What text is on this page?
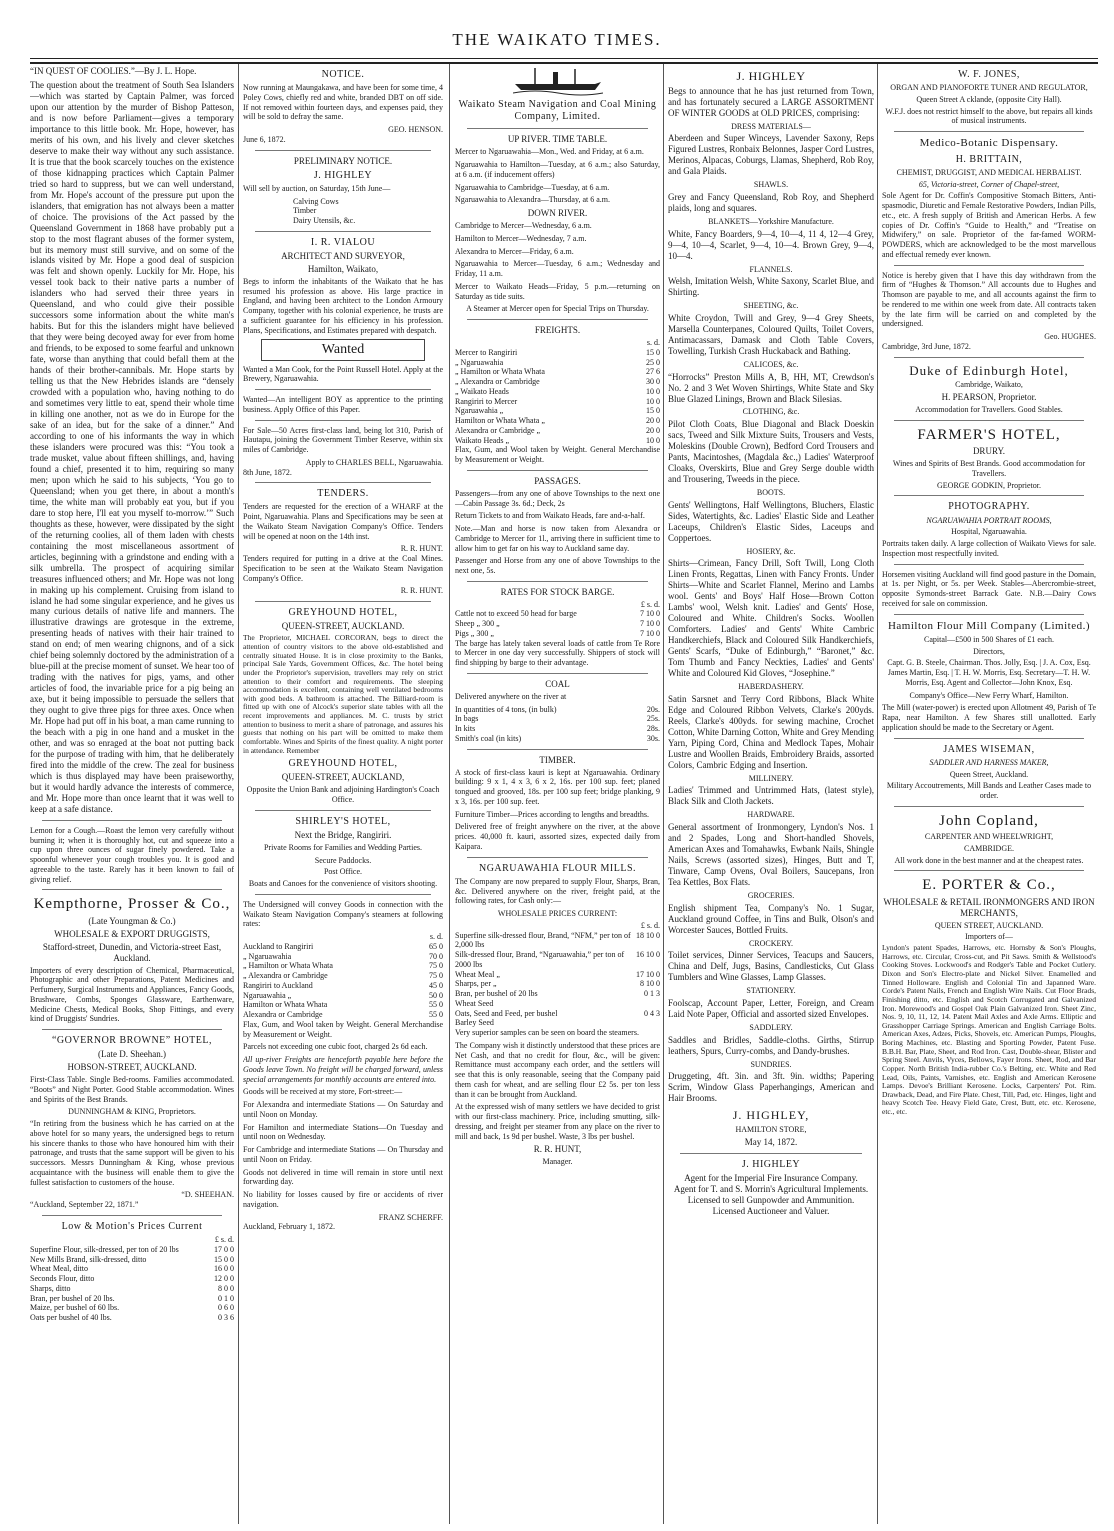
THE WAIKATO TIMES.

“IN QUEST OF COOLIES.”—By J. L. Hope.

The question about the treatment of South Sea Islanders—which was started by Captain Palmer, was forced upon our attention by the murder of Bishop Patteson, and is now before Parliament—gives a temporary importance to this little book. Mr. Hope, however, has merits of his own, and his lively and clever sketches deserve to make their way without any such assistance. It is true that the book scarcely touches on the existence of those kidnapping practices which Captain Palmer tried so hard to suppress, but we can well understand, from Mr. Hope's account of the pressure put upon the islanders, that emigration has not always been a matter of choice. The provisions of the Act passed by the Queensland Government in 1868 have probably put a stop to the most flagrant abuses of the former system, but its memory must still survive, and on some of the islands visited by Mr. Hope a good deal of suspicion was felt and shown openly. Luckily for Mr. Hope, his vessel took back to their native parts a number of islanders who had served their three years in Queensland, and who could give their possible successors some information about the white man's habits. But for this the islanders might have believed that they were being decoyed away for ever from home and friends, to be exposed to some fearful and unknown fate, worse than anything that could befall them at the hands of their brother-cannibals. Mr. Hope starts by telling us that the New Hebrides islands are “densely crowded with a population who, having nothing to do and sometimes very little to eat, spend their whole time in killing one another, not as we do in Europe for the sake of an idea, but for the sake of a dinner.” And according to one of his informants the way in which these islanders were procured was this: “You took a trade musket, value about fifteen shillings, and, having found a chief, presented it to him, requiring so many men; upon which he said to his subjects, ‘You go to Queensland; when you get there, in about a month's time, the white man will probably eat you, but if you dare to stop here, I'll eat you myself to-morrow.’” Such thoughts as these, however, were dissipated by the sight of the returning coolies, all of them laden with chests containing the most miscellaneous assortment of articles, beginning with a grindstone and ending with a silk umbrella. The prospect of acquiring similar treasures influenced others; and Mr. Hope was not long in making up his complement. Cruising from island to island he had some singular experience, and he gives us many curious details of native life and manners. The illustrative drawings are grotesque in the extreme, presenting heads of natives with their hair trained to stand on end; of men wearing chignons, and of a sick chief being solemnly doctored by the administration of a blue-pill at the precise moment of sunset. We hear too of trading with the natives for pigs, yams, and other articles of food, the invariable price for a pig being an axe, but it being impossible to persuade the sellers that they ought to give three pigs for three axes. Once when Mr. Hope had put off in his boat, a man came running to the beach with a pig in one hand and a musket in the other, and was so enraged at the boat not putting back for the purpose of trading with him, that he deliberately fired into the middle of the crew. The zeal for business which is thus displayed may have been praiseworthy, but it would hardly advance the interests of commerce, and Mr. Hope more than once learnt that it was well to keep at a safe distance.

Lemon for a Cough.—Roast the lemon very carefully without burning it; when it is thoroughly hot, cut and squeeze into a cup upon three ounces of sugar finely powdered. Take a spoonful whenever your cough troubles you. It is good and agreeable to the taste. Rarely has it been known to fail of giving relief.

Kempthorne, Prosser & Co.,
(Late Youngman & Co.)
WHOLESALE & EXPORT DRUGGISTS,
Stafford-street, Dunedin, and Victoria-street East, Auckland.

Importers of every description of Chemical, Pharmaceutical, Photographic and other Preparations, Patent Medicines and Perfumery, Surgical Instruments and Appliances, Fancy Goods, Brushware, Combs, Sponges Glassware, Earthenware, Medicine Chests, Medical Books, Shop Fittings, and every kind of Druggists' Sundries.

“GOVERNOR BROWNE” HOTEL,
(Late D. Sheehan.)
HOBSON-STREET, AUCKLAND.

First-Class Table. Single Bed-rooms. Families accommodated. “Boots” and Night Porter. Good Stable accommodation. Wines and Spirits of the Best Brands.

DUNNINGHAM & KING, Proprietors.

“In retiring from the business which he has carried on at the above hotel for so many years, the undersigned begs to return his sincere thanks to those who have honoured him with their patronage, and trusts that the same support will be given to his successors. Messrs Dunningham & King, whose previous acquaintance with the business will enable them to give the fullest satisfaction to customers of the house.

“D. SHEEHAN.
“Auckland, September 22, 1871.”
Low & Motion's Prices Current
£ s. d.
Superfine Flour, silk-dressed, per ton of 20 lbs	17 0 0
New Mills Brand, silk-dressed, ditto	15 0 0
Wheat Meal, ditto	16 0 0
Seconds Flour, ditto	12 0 0
Sharps, ditto	8 0 0
Bran, per bushel of 20 lbs.	0 1 0
Maize, per bushel of 60 lbs.	0 6 0
Oats per bushel of 40 lbs.	0 3 6
NOTICE.

Now running at Maungakawa, and have been for some time, 4 Poley Cows, chiefly red and white, branded DBT on off side. If not removed within fourteen days, and expenses paid, they will be sold to defray the same.

GEO. HENSON.
June 6, 1872.
PRELIMINARY NOTICE.
J. HIGHLEY

Will sell by auction, on Saturday, 15th June—

Calving Cows
Timber
Dairy Utensils, &c.
I. R. VIALOU
ARCHITECT AND SURVEYOR,
Hamilton, Waikato,

Begs to inform the inhabitants of the Waikato that he has resumed his profession as above. His large practice in England, and having been architect to the London Armoury Company, together with his colonial experience, he trusts are a sufficient guarantee for his efficiency in his profession. Plans, Specifications, and Estimates prepared with despatch.

Wanted

Wanted a Man Cook, for the Point Russell Hotel. Apply at the Brewery, Ngaruawahia.

Wanted—An intelligent BOY as apprentice to the printing business. Apply Office of this Paper.

For Sale—50 Acres first-class land, being lot 310, Parish of Hautapu, joining the Government Timber Reserve, within six miles of Cambridge.

Apply to CHARLES BELL, Ngaruawahia.
8th June, 1872.
TENDERS.

Tenders are requested for the erection of a WHARF at the Point, Ngaruawahia. Plans and Specifications may be seen at the Waikato Steam Navigation Company's Office. Tenders will be opened at noon on the 14th inst.

R. R. HUNT.

Tenders required for putting in a drive at the Coal Mines. Specification to be seen at the Waikato Steam Navigation Company's Office.

R. R. HUNT.
GREYHOUND HOTEL,
QUEEN-STREET, AUCKLAND.

The Proprietor, MICHAEL CORCORAN, begs to direct the attention of country visitors to the above old-established and centrally situated House. It is in close proximity to the Banks, principal Sale Yards, Government Offices, &c. The hotel being under the Proprietor's supervision, travellers may rely on strict attention to their comfort and requirements. The sleeping accommodation is excellent, containing well ventilated bedrooms with good beds. A bathroom is attached. The Billiard-room is fitted up with one of Alcock's superior slate tables with all the recent improvements and appliances. M. C. trusts by strict attention to business to merit a share of patronage, and assures his guests that nothing on his part will be omitted to make them comfortable. Wines and Spirits of the finest quality. A night porter in attendance. Remember

GREYHOUND HOTEL,
QUEEN-STREET, AUCKLAND,

Opposite the Union Bank and adjoining Hardington's Coach Office.

SHIRLEY'S HOTEL,
Next the Bridge, Rangiriri.

Private Rooms for Families and Wedding Parties.

Secure Paddocks.
Post Office.

Boats and Canoes for the convenience of visitors shooting.

The Undersigned will convey Goods in connection with the Waikato Steam Navigation Company's steamers at following rates:

s. d.
Auckland to Rangiriri	65 0
„ Ngaruawahia	70 0
„ Hamilton or Whata Whata	75 0
„ Alexandra or Cambridge	75 0
Rangiriri to Auckland	45 0
Ngaruawahia „	50 0
Hamilton or Whata Whata	55 0
Alexandra or Cambridge	55 0

Flax, Gum, and Wool taken by Weight. General Merchandise by Measurement or Weight.

Parcels not exceeding one cubic foot, charged 2s 6d each.

All up-river Freights are henceforth payable here before the Goods leave Town. No freight will be charged forward, unless special arrangements for monthly accounts are entered into.

Goods will be received at my store, Fort-street:—

For Alexandra and intermediate Stations — On Saturday and until Noon on Monday.

For Hamilton and intermediate Stations—On Tuesday and until noon on Wednesday.

For Cambridge and intermediate Stations — On Thursday and until Noon on Friday.

Goods not delivered in time will remain in store until next forwarding day.

No liability for losses caused by fire or accidents of river navigation.

FRANZ SCHERFF.
Auckland, February 1, 1872.
Waikato Steam Navigation and Coal Mining Company, Limited.
UP RIVER. TIME TABLE.

Mercer to Ngaruawahia—Mon., Wed. and Friday, at 6 a.m.

Ngaruawahia to Hamilton—Tuesday, at 6 a.m.; also Saturday, at 6 a.m. (if inducement offers)

Ngaruawahia to Cambridge—Tuesday, at 6 a.m.

Ngaruawahia to Alexandra—Thursday, at 6 a.m.

DOWN RIVER.

Cambridge to Mercer—Wednesday, 6 a.m.

Hamilton to Mercer—Wednesday, 7 a.m.

Alexandra to Mercer—Friday, 6 a.m.

Ngaruawahia to Mercer—Tuesday, 6 a.m.; Wednesday and Friday, 11 a.m.

Mercer to Waikato Heads—Friday, 5 p.m.—returning on Saturday as tide suits.

A Steamer at Mercer open for Special Trips on Thursday.

FREIGHTS.
s. d.
Mercer to Rangiriri	15 0
„ Ngaruawahia	25 0
„ Hamilton or Whata Whata	27 6
„ Alexandra or Cambridge	30 0
„ Waikato Heads	10 0
Rangiriri to Mercer	10 0
Ngaruawahia „	15 0
Hamilton or Whata Whata „	20 0
Alexandra or Cambridge „	20 0
Waikato Heads „	10 0

Flax, Gum, and Wool taken by Weight. General Merchandise by Measurement or Weight.

PASSAGES.

Passengers—from any one of above Townships to the next one—Cabin Passage 3s. 6d.; Deck, 2s

Return Tickets to and from Waikato Heads, fare and-a-half.

Note.—Man and horse is now taken from Alexandra or Cambridge to Mercer for 1l., arriving there in sufficient time to allow him to get far on his way to Auckland same day.

Passenger and Horse from any one of above Townships to the next one, 5s.

RATES FOR STOCK BARGE.
£ s. d.
Cattle not to exceed 50 head for barge	7 10 0
Sheep „ 300 „	7 10 0
Pigs „ 300 „	7 10 0

The barge has lately taken several loads of cattle from Te Rore to Mercer in one day very successfully. Shippers of stock will find shipping by barge to their advantage.

COAL

Delivered anywhere on the river at

In quantities of 4 tons, (in bulk)	20s.
In bags	25s.
In kits	28s.
Smith's coal (in kits)	30s.
TIMBER.

A stock of first-class kauri is kept at Ngaruawahia. Ordinary building: 9 x 1, 4 x 3, 6 x 2, 16s. per 100 sup. feet; planed tongued and grooved, 18s. per 100 sup feet; bridge planking, 9 x 3, 16s. per 100 sup. feet.

Furniture Timber—Prices according to lengths and breadths.

Delivered free of freight anywhere on the river, at the above prices. 40,000 ft. kauri, assorted sizes, expected daily from Kaipara.

NGARUAWAHIA FLOUR MILLS.

The Company are now prepared to supply Flour, Sharps, Bran, &c. Delivered anywhere on the river, freight paid, at the following rates, for Cash only:—

WHOLESALE PRICES CURRENT:
£ s. d.
Superfine silk-dressed flour, Brand, “NFM,” per ton of 2,000 lbs
18 10 0
Silk-dressed flour, Brand, “Ngaruawahia,” per ton of 2000 lbs
16 10 0
Wheat Meal „	17 10 0
Sharps, per „	8 10 0
Bran, per bushel of 20 lbs	0 1 3
Wheat Seed
Oats, Seed and Feed, per bushel	0 4 3
Barley Seed

Very superior samples can be seen on board the steamers.

The Company wish it distinctly understood that these prices are Net Cash, and that no credit for flour, &c., will be given: Remittance must accompany each order, and the settlers will see that this is only reasonable, seeing that the Company paid them cash for wheat, and are selling flour £2 5s. per ton less than it can be brought from Auckland.

At the expressed wish of many settlers we have decided to grist with our first-class machinery. Price, including smutting, silk-dressing, and freight per steamer from any place on the river to mill and back, 1s 9d per bushel. Waste, 3 lbs per bushel.

R. R. HUNT,
Manager.
J. HIGHLEY

Begs to announce that he has just returned from Town, and has fortunately secured a LARGE ASSORTMENT OF WINTER GOODS at OLD PRICES, comprising:

DRESS MATERIALS—

Aberdeen and Super Winceys, Lavender Saxony, Reps Figured Lustres, Ronbaix Belonnes, Jasper Cord Lustres, Merinos, Alpacas, Coburgs, Llamas, Shepherd, Rob Roy, and Gala Plaids.

SHAWLS.

Grey and Fancy Queensland, Rob Roy, and Shepherd plaids, long and squares.

BLANKETS—Yorkshire Manufacture.

White, Fancy Boarders, 9—4, 10—4, 11 4, 12—4 Grey, 9—4, 10—4, Scarlet, 9—4, 10—4. Brown Grey, 9—4, 10—4.

FLANNELS.

Welsh, Imitation Welsh, White Saxony, Scarlet Blue, and Shirting.

SHEETING, &c.

White Croydon, Twill and Grey, 9—4 Grey Sheets, Marsella Counterpanes, Coloured Quilts, Toilet Covers, Antimacassars, Damask and Cloth Table Covers, Towelling, Turkish Crash Huckaback and Bathing.

CALICOES, &c.

“Horrocks” Preston Mills A, B, HH, MT, Crewdson's No. 2 and 3 Wet Woven Shirtings, White State and Sky Blue Glazed Linings, Brown and Black Silesias.

CLOTHING, &c.

Pilot Cloth Coats, Blue Diagonal and Black Doeskin sacs, Tweed and Silk Mixture Suits, Trousers and Vests, Moleskins (Double Crown), Bedford Cord Trousers and Pants, Macintoshes, (Magdala &c.,) Ladies' Waterproof Cloaks, Overskirts, Blue and Grey Serge double width and Trousering, Tweeds in the piece.

BOOTS.

Gents' Wellingtons, Half Wellingtons, Bluchers, Elastic Sides, Watertights, &c. Ladies' Elastic Side and Leather Laceups, Children's Elastic Sides, Laceups and Coppertoes.

HOSIERY, &c.

Shirts—Crimean, Fancy Drill, Soft Twill, Long Cloth Linen Fronts, Regattas, Linen with Fancy Fronts. Under Shirts—White and Scarlet Flannel, Merino and Lambs wool. Gents' and Boys' Half Hose—Brown Cotton Lambs' wool, Welsh knit. Ladies' and Gents' Hose, Coloured and White. Children's Socks. Woollen Comforters. Ladies' and Gents' White Cambric Handkerchiefs, Black and Coloured Silk Handkerchiefs, Gents' Scarfs, “Duke of Edinburgh,” “Baronet,” &c. Tom Thumb and Fancy Neckties, Ladies' and Gents' White and Coloured Kid Gloves, “Josephine.”

HABERDASHERY.

Satin Sarsnet and Terry Cord Ribbons, Black White Edge and Coloured Ribbon Velvets, Clarke's 200yds. Reels, Clarke's 400yds. for sewing machine, Crochet Cotton, White Darning Cotton, White and Grey Mending Yarn, Piping Cord, China and Medlock Tapes, Mohair Lustre and Woollen Braids, Embroidery Braids, assorted Colors, Cambric Edging and Insertion.

MILLINERY.

Ladies' Trimmed and Untrimmed Hats, (latest style), Black Silk and Cloth Jackets.

HARDWARE.

General assortment of Ironmongery, Lyndon's Nos. 1 and 2 Spades, Long and Short-handled Shovels, American Axes and Tomahawks, Ewbank Nails, Shingle Nails, Screws (assorted sizes), Hinges, Butt and T, Tinware, Camp Ovens, Oval Boilers, Saucepans, Iron Tea Kettles, Box Flats.

GROCERIES.

English shipment Tea, Company's No. 1 Sugar, Auckland ground Coffee, in Tins and Bulk, Olson's and Worcester Sauces, Bottled Fruits.

CROCKERY.

Toilet services, Dinner Services, Teacups and Saucers, China and Delf, Jugs, Basins, Candlesticks, Cut Glass Tumblers and Wine Glasses, Lamp Glasses.

STATIONERY.

Foolscap, Account Paper, Letter, Foreign, and Cream Laid Note Paper, Official and assorted sized Envelopes.

SADDLERY.

Saddles and Bridles, Saddle-cloths. Girths, Stirrup leathers, Spurs, Curry-combs, and Dandy-brushes.

SUNDRIES.

Druggeting, 4ft. 3in. and 3ft. 9in. widths; Papering Scrim, Window Glass Paperhangings, American and Hair Brooms.

J. HIGHLEY,
HAMILTON STORE,
May 14, 1872.
J. HIGHLEY
Agent for the Imperial Fire Insurance Company.
Agent for T. and S. Morrin's Agricultural Implements.
Licensed to sell Gunpowder and Ammunition.
Licensed Auctioneer and Valuer.
W. F. JONES,
ORGAN AND PIANOFORTE TUNER AND REGULATOR,
Queen Street A cklande, (opposite City Hall).

W.F.J. does not restrict himself to the above, but repairs all kinds of musical instruments.

Medico-Botanic Dispensary.
H. BRITTAIN,
CHEMIST, DRUGGIST, AND MEDICAL HERBALIST.
65, Victoria-street, Corner of Chapel-street,

Sole Agent for Dr. Coffin's Compositive Stomach Bitters, Anti-spasmodic, Diuretic and Female Restorative Powders, Indian Pills, etc., etc. A fresh supply of British and American Herbs. A few copies of Dr. Coffin's “Guide to Health,” and “Treatise on Midwifery,” on sale. Proprietor of the far-famed WORM-POWDERS, which are acknowledged to be the most marvellous and effectual remedy ever known.

Notice is hereby given that I have this day withdrawn from the firm of “Hughes & Thomson.” All accounts due to Hughes and Thomson are payable to me, and all accounts against the firm to be rendered to me within one week from date. All contracts taken by the late firm will be carried on and completed by the undersigned.

Geo. HUGHES.
Cambridge, 3rd June, 1872.
Duke of Edinburgh Hotel,
Cambridge, Waikato,
H. PEARSON, Proprietor.
Accommodation for Travellers. Good Stables.
FARMER'S HOTEL,
DRURY.
Wines and Spirits of Best Brands. Good accommodation for Travellers.
GEORGE GODKIN, Proprietor.
PHOTOGRAPHY.
NGARUAWAHIA PORTRAIT ROOMS,
Hospital, Ngaruawahia.

Portraits taken daily. A large collection of Waikato Views for sale. Inspection most respectfully invited.

Horsemen visiting Auckland will find good pasture in the Domain, at 1s. per Night, or 5s. per Week. Stables—Abercrombie-street, opposite Symonds-street Barrack Gate. N.B.—Dairy Cows received for sale on commission.

Hamilton Flour Mill Company (Limited.)
Capital—£500 in 500 Shares of £1 each.
Directors,

Capt. G. B. Steele, Chairman. Thos. Jolly, Esq. | J. A. Cox, Esq. James Martin, Esq. | T. H. W. Morris, Esq. Secretary—T. H. W. Morris, Esq. Agent and Collector—John Knox, Esq.

Company's Office—New Ferry Wharf, Hamilton.

The Mill (water-power) is erected upon Allotment 49, Parish of Te Rapa, near Hamilton. A few Shares still unallotted. Early application should be made to the Secretary or Agent.

JAMES WISEMAN,
SADDLER AND HARNESS MAKER,
Queen Street, Auckland.

Military Accoutrements, Mill Bands and Leather Cases made to order.

John Copland,
CARPENTER AND WHEELWRIGHT,
CAMBRIDGE.

All work done in the best manner and at the cheapest rates.

E. PORTER & Co.,
WHOLESALE & RETAIL IRONMONGERS AND IRON MERCHANTS,
QUEEN STREET, AUCKLAND.
Importers of—

Lyndon's patent Spades, Harrows, etc. Hornsby & Son's Ploughs, Harrows, etc. Circular, Cross-cut, and Pit Saws. Smith & Wellstood's Cooking Stoves. Lockwood's and Rodger's Table and Pocket Cutlery. Dixon and Son's Electro-plate and Nickel Silver. Enamelled and Tinned Holloware. English and Colonial Tin and Japanned Ware. Corde's Patent Nails, French and English Wire Nails. Cut Floor Brads, Finishing ditto, etc. English and Scotch Corrugated and Galvanized Iron. Morewood's and Gospel Oak Plain Galvanized Iron. Sheet Zinc, Nos. 9, 10, 11, 12, 14. Patent Mail Axles and Axle Arms. Elliptic and Grasshopper Carriage Springs. American and English Carriage Bolts. American Axes, Adzes, Picks, Shovels, etc. American Pumps, Ploughs, Boring Machines, etc. Blasting and Sporting Powder, Patent Fuse. B.B.H. Bar, Plate, Sheet, and Rod Iron. Cast, Double-shear, Blister and Spring Steel. Anvils, Vyces, Bellows, Fayer Irons. Sheet, Rod, and Bar Copper. North British India-rubber Co.'s Belting, etc. White and Red Lead, Oils, Paints, Varnishes, etc. English and American Kerosene Lamps. Devoe's Brilliant Kerosene. Locks, Carpenters' Pot. Rim. Drawback, Dead, and Fire Plate. Chest, Till, Pad, etc. Hinges, light and heavy Scotch Tee. Heavy Field Gate, Crest, Butt, etc. etc. Kerosene, etc., etc.
